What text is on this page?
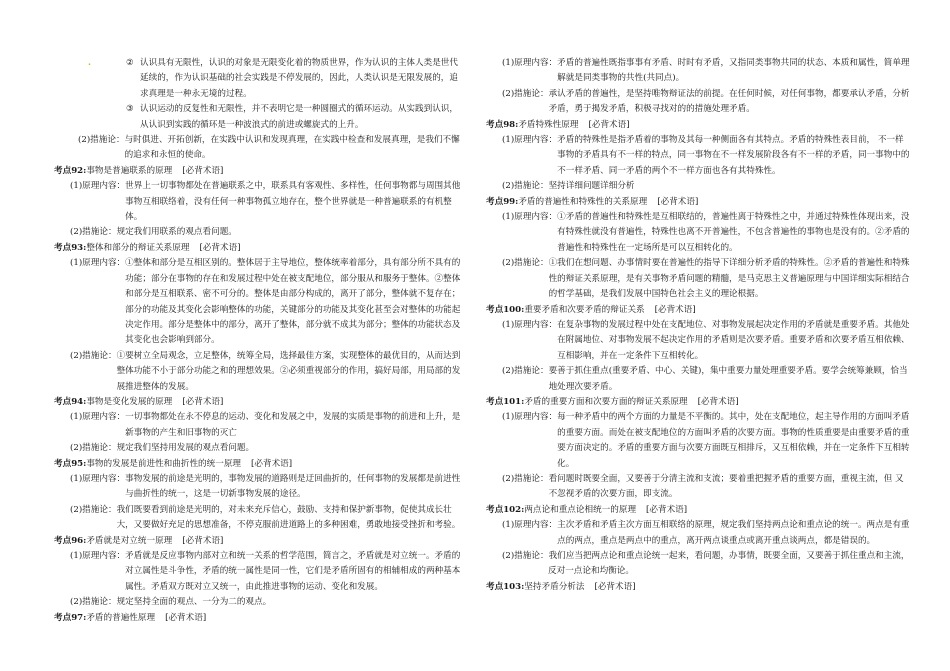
.	② 认识具有无限性，认识的对象是无限变化着的物质世界，作为认识的主体人类是世代延续的，作为认识基础的社会实践是不停发展的，因此，人类认识是无限发展的，追求真理是一种永无境的过程。
③ 认识运动的反复性和无限性，并不表明它是一种圆圈式的循环运动。从实践到认识，从认识到实践的循环是一种波浪式的前进或螺旋式的上升。
(2)措施论： 与时俱进、开拓创新，在实践中认识和发现真理，在实践中检查和发展真理，是我们不懈的追求和永恒的使命。
考点92:事物是普遍联系的原理 [必背术语]
(1)原理内容： 世界上一切事物都处在普遍联系之中，联系具有客观性、多样性，任何事物都与周围其他事物互相联络着，没有任何一种事物孤立地存在，整个世界就是一种普遍联系的有机整体。
(2)措施论： 规定我们用联系的观点看问题。
考点93:整体和部分的辩证关系原理 [必背术语]
(1)原理内容： ①整体和部分是互相区别的。整体居于主导地位，整体统率着部分，具有部分所不具有的功能；部分在事物的存在和发展过程中处在被支配地位，部分服从和服务于整体。②整体和部分是互相联系、密不可分的。整体是由部分构成的，离开了部分，整体就不复存在；部分的功能及其变化会影响整体的功能，关键部分的功能及其变化甚至会对整体的功能起决定作用。部分是整体中的部分，离开了整体，部分就不成其为部分；整体的功能状态及其变化也会影响到部分。
(2)措施论： ①要树立全局观念，立足整体，统筹全局，选择最佳方案，实现整体的最优目的，从而达到整体功能不小于部分功能之和的理想效果。②必须重视部分的作用，搞好局部，用局部的发展推进整体的发展。
考点94:事物是变化发展的原理 [必背术语]
(1)原理内容： 一切事物都处在永不停息的运动、变化和发展之中，发展的实质是事物的前进和上升，是新事物的产生和旧事物的灭亡
(2)措施论： 规定我们坚持用发展的观点看问题。
考点95:事物的发展是前进性和曲折性的统一原理 [必背术语]
(1)原理内容： 事物发展的前途是光明的，事物发展的道路则是迂回曲折的，任何事物的发展都是前进性与曲折性的统一，这是一切新事物发展的途径。
(2)措施论： 我们既要看到前途是光明的，对未来充斥信心，鼓励、支持和保护新事物，促使其成长壮大，又要做好充足的思想准备，不停克服前进道路上的多种困难，勇敢地接受挫折和考验。
考点96:矛盾就是对立统一原理 [必背术语]
(1)原理内容： 矛盾就是反应事物内部对立和统一关系的哲学范围，简言之，矛盾就是对立统一。矛盾的 对立属性是斗争性，矛盾的统一属性是同一性，它们是矛盾所固有的相辅相成的两种基本属性。矛盾双方既对立又统一，由此推进事物的运动、变化和发展。
(2)措施论： 规定坚持全面的观点、一分为二的观点。
考点97:矛盾的普遍性原理 [必背术语]
(1)原理内容： 矛盾的普遍性既指事事有矛盾、时时有矛盾，又指同类事物共同的状态、本质和属性，简单理解就是同类事物的共性(共同点)。
(2)措施论： 承认矛盾的普遍性，是坚持唯物辩证法的前提。在任何时候，对任何事物，都要承认矛盾，分析矛盾，勇于揭发矛盾，积极寻找对的的措施处理矛盾。
考点98:矛盾特殊性原理 [必背术语]
(1)原理内容： 矛盾的特殊性是指矛盾着的事物及其每一种侧面各有其特点。矛盾的特殊性表目前， 不一样事物的矛盾具有不一样的特点，同一事物在不一样发展阶段各有不一样的矛盾，同一事物中的不一样矛盾、同一矛盾的两个不一样方面也各有其特殊性。
(2)措施论： 坚持详细问题详细分析
考点99:矛盾的普遍性和特殊性的关系原理 [必背术语]
(1)原理内容： ①矛盾的普遍性和特殊性是互相联结的，普遍性离于特殊性之中，并通过特殊性体现出来，没有特殊性就没有普遍性，特殊性也离不开普遍性，不包含普遍性的事物也是没有的。②矛盾的普遍性和特殊性在一定场所是可以互相转化的。
(2)措施论： ①我们在想问题、办事情时要在普遍性的指导下详细分析矛盾的特殊性。②矛盾的普遍性和特殊性的辩证关系原理，是有关事物矛盾问题的精髓，是马克思主义普遍原理与中国详细实际相结合的哲学基础，是我们发展中国特色社会主义的理论根据。
考点100:重要矛盾和次要矛盾的辩证关系 [必背术语]
(1)原理内容： 在复杂事物的发展过程中处在支配地位、对事物发展起决定作用的矛盾就是重要矛盾。其他处在附属地位、对事物发展不起决定作用的矛盾则是次要矛盾。重要矛盾和次要矛盾互相依赖、互相影响，并在一定条件下互相转化。
(2)措施论： 要善于抓住重点(重要矛盾、中心、关键)，集中重要力量处理重要矛盾。要学会统筹兼顾，恰当地处理次要矛盾。
考点101:矛盾的重要方面和次要方面的辩证关系原理 [必背术语]
(1)原理内容： 每一种矛盾中的两个方面的力量是不平衡的。其中，处在支配地位，起主导作用的方面叫矛盾的重要方面。而处在被支配地位的方面叫矛盾的次要方面。事物的性质重要是由重要矛盾的重要方面决定的。矛盾的重要方面与次要方面既互相排斥，又互相依赖，并在一定条件下互相转化。
(2)措施论： 看问题时既要全面，又要善于分清主流和支流；要着重把握矛盾的重要方面，重视主流，但 又不忽视矛盾的次要方面，即支流。
考点102:两点论和重点论相统一的原理 [必背术语]
(1)原理内容： 主次矛盾和矛盾主次方面互相联络的原理，规定我们坚持两点论和重点论的统一。两点是有重点的两点，重点是两点中的重点，离开两点谈重点或离开重点谈两点，都是错误的。
(2)措施论： 我们应当把两点论和重点论统一起来，看问题，办事情，既要全面，又要善于抓住重点和主流，
反对一点论和均衡论。
考点103:坚持矛盾分析法 [必背术语]
